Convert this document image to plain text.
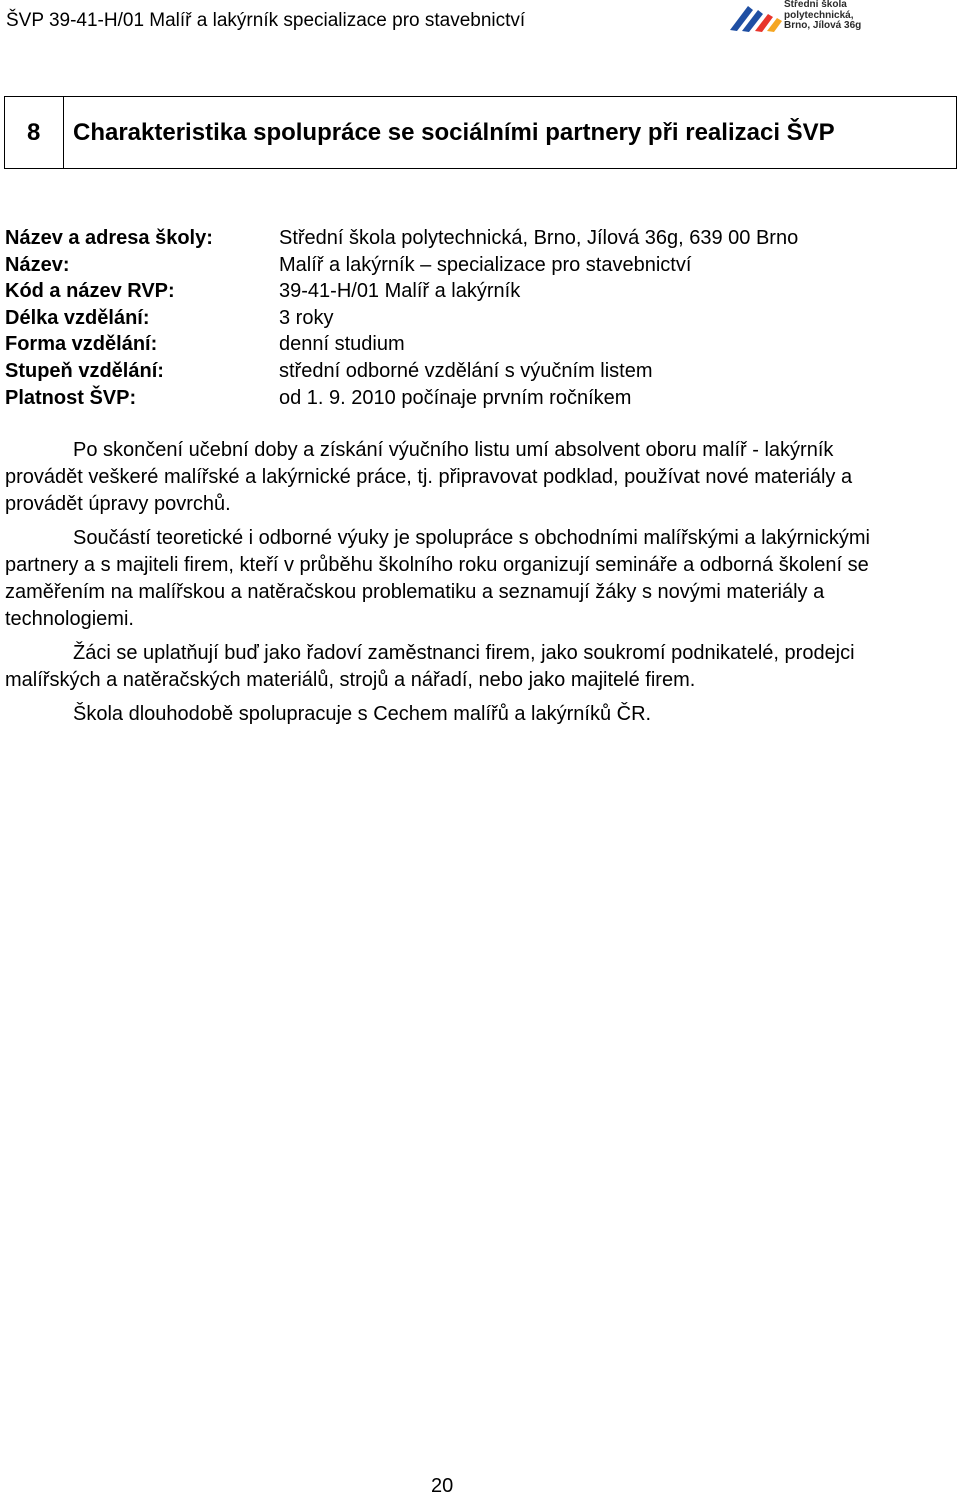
ŠVP 39-41-H/01 Malíř a lakýrník specializace pro stavebnictví
Střední škola
polytechnická,
Brno, Jílová 36g
8 Charakteristika spolupráce se sociálními partnery při realizaci ŠVP
Název a adresa školy:	Střední škola polytechnická, Brno, Jílová 36g, 639 00 Brno
Název:	Malíř a lakýrník – specializace pro stavebnictví
Kód a název RVP:	39-41-H/01 Malíř a lakýrník
Délka vzdělání:	3 roky
Forma vzdělání:	denní studium
Stupeň vzdělání:	střední odborné vzdělání s výučním listem
Platnost ŠVP:	od 1. 9. 2010 počínaje prvním ročníkem

Po skončení učební doby a získání výučního listu umí absolvent oboru malíř - lakýrník provádět veškeré malířské a lakýrnické práce, tj. připravovat podklad, používat nové materiály a provádět úpravy povrchů.

Součástí teoretické i odborné výuky je spolupráce s obchodními malířskými a lakýrnickými partnery a s majiteli firem, kteří v průběhu školního roku organizují semináře a odborná školení se zaměřením na malířskou a natěračskou problematiku a seznamují žáky s novými materiály a technologiemi.

Žáci se uplatňují buď jako řadoví zaměstnanci firem, jako soukromí podnikatelé, prodejci malířských a natěračských materiálů, strojů a nářadí, nebo jako majitelé firem.

Škola dlouhodobě spolupracuje s Cechem malířů a lakýrníků ČR.

20
